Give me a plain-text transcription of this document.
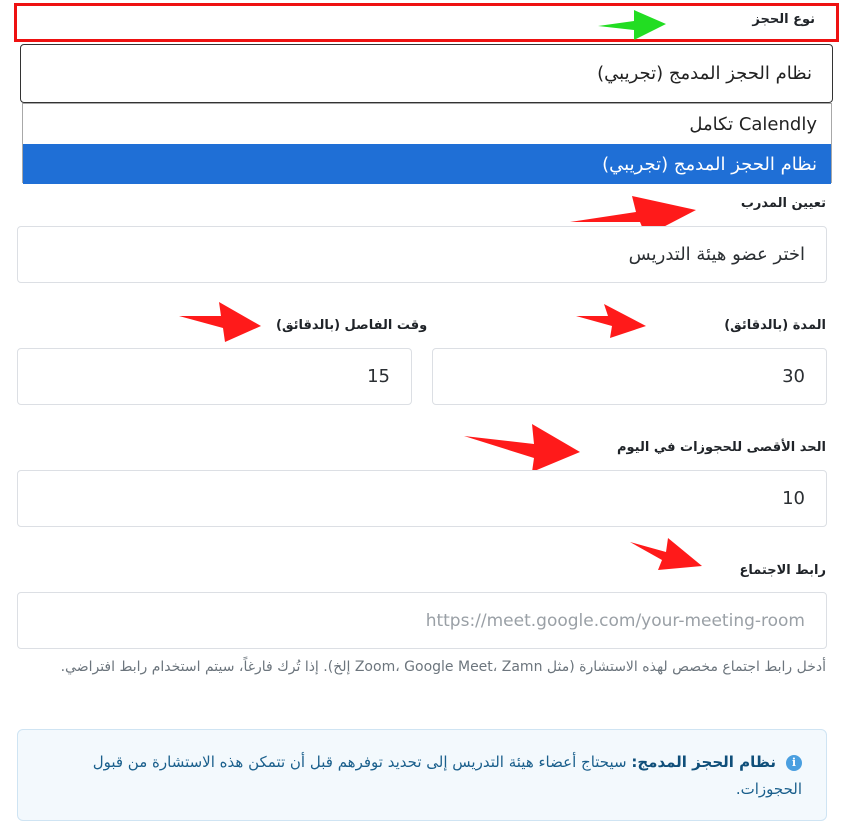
نوع الحجز
نظام الحجز المدمج (تجريبي)
تكامل Calendly
نظام الحجز المدمج (تجريبي)
تعيين المدرب
اختر عضو هيئة التدريس
المدة (بالدقائق)
وقت الفاصل (بالدقائق)
30
15
الحد الأقصى للحجوزات في اليوم
10
رابط الاجتماع
https://meet.google.com/your-meeting-room
أدخل رابط اجتماع مخصص لهذه الاستشارة (مثل Zoom، Google Meet، Zamn إلخ). إذا تُرك فارغاً، سيتم استخدام رابط افتراضي.
iنظام الحجز المدمج: سيحتاج أعضاء هيئة التدريس إلى تحديد توفرهم قبل أن تتمكن هذه الاستشارة من قبول الحجوزات.
